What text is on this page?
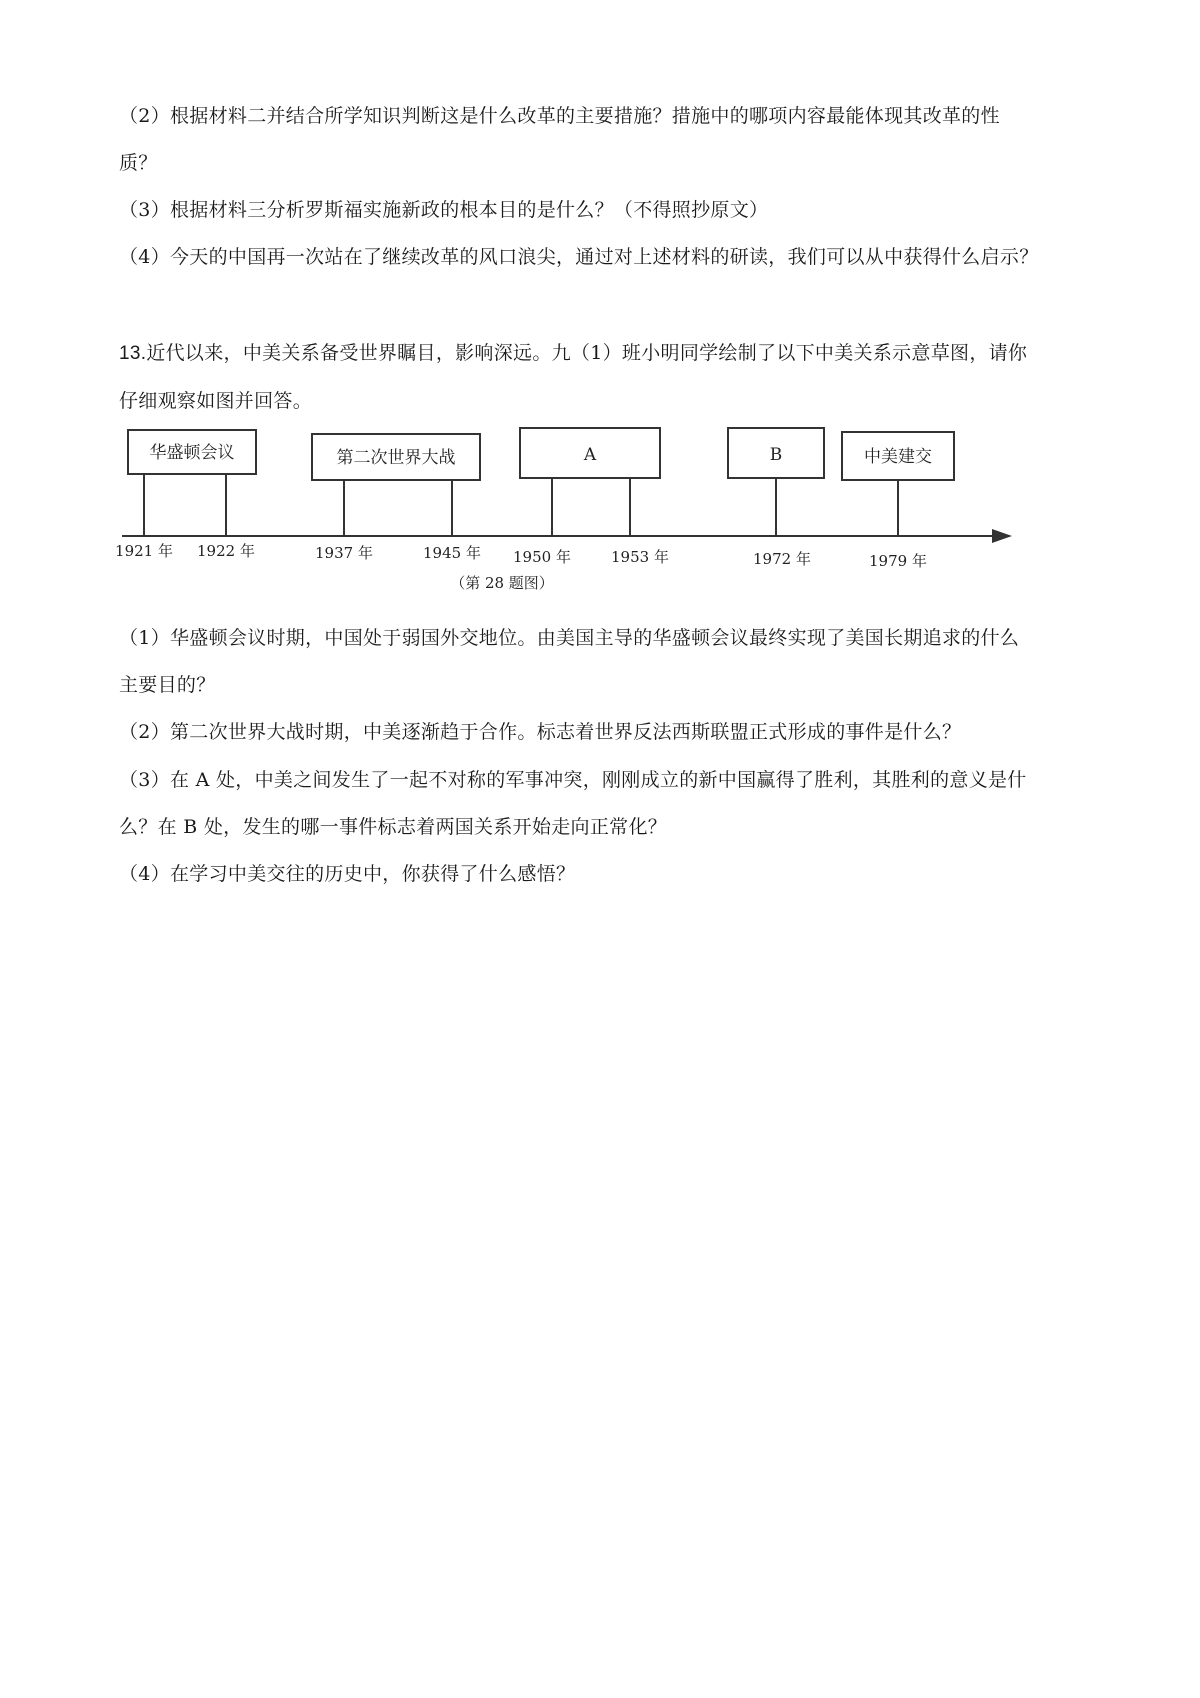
（2）根据材料二并结合所学知识判断这是什么改革的主要措施？措施中的哪项内容最能体现其改革的性

质？

（3）根据材料三分析罗斯福实施新政的根本目的是什么？（不得照抄原文）

（4）今天的中国再一次站在了继续改革的风口浪尖，通过对上述材料的研读，我们可以从中获得什么启示？

13.近代以来，中美关系备受世界瞩目，影响深远。九（1）班小明同学绘制了以下中美关系示意草图，请你

仔细观察如图并回答。

华盛顿会议
1921 年 1922 年
第二次世界大战
1937 年	1945 年
A
1950 年	1953 年
B
1972 年
中美建交
1979 年
（第 28 题图）

（1）华盛顿会议时期，中国处于弱国外交地位。由美国主导的华盛顿会议最终实现了美国长期追求的什么

主要目的？

（2）第二次世界大战时期，中美逐渐趋于合作。标志着世界反法西斯联盟正式形成的事件是什么？

（3）在 A 处，中美之间发生了一起不对称的军事冲突，刚刚成立的新中国赢得了胜利，其胜利的意义是什

么？在 B 处，发生的哪一事件标志着两国关系开始走向正常化？

（4）在学习中美交往的历史中，你获得了什么感悟？
